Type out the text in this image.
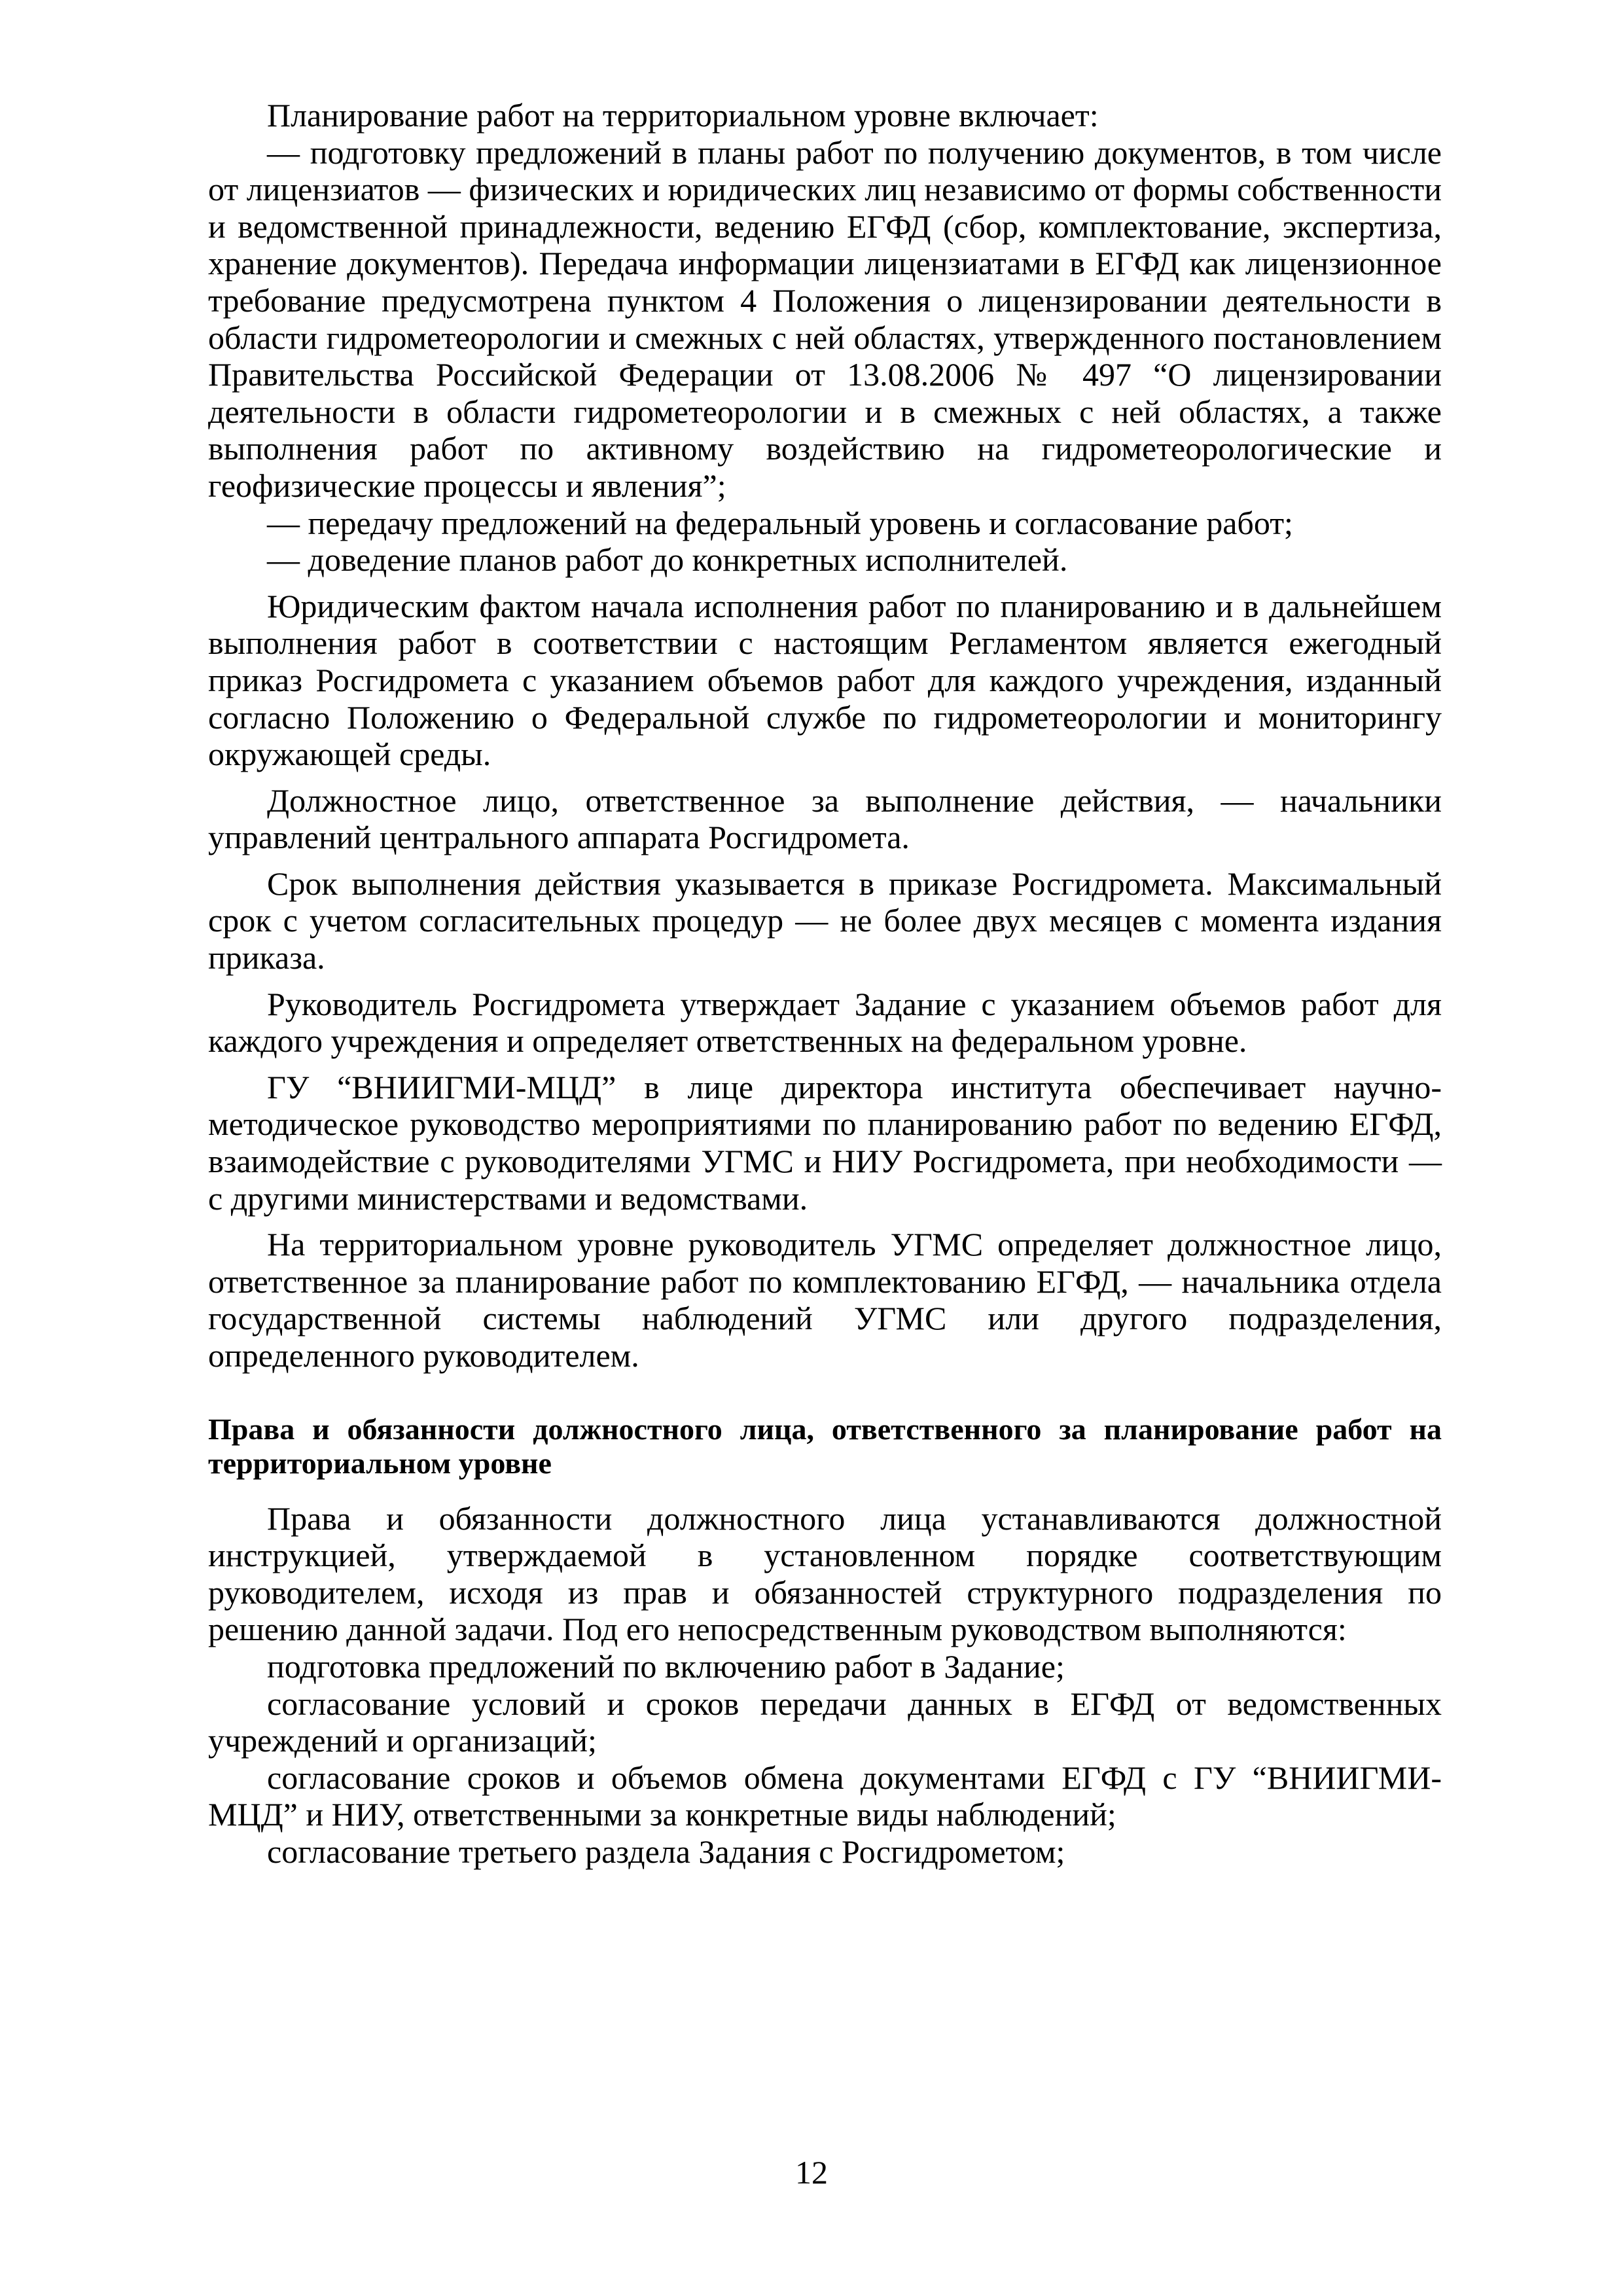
Планирование работ на территориальном уровне включает:

— подготовку предложений в планы работ по получению документов, в том числе от лицензиатов — физических и юридических лиц независимо от формы собственности и ведомственной принадлежности, ведению ЕГФД (сбор, комплектование, экспертиза, хранение документов). Передача информации лицензиатами в ЕГФД как лицензионное требование предусмотрена пунктом 4 Положения о лицензировании деятельности в области гидрометеорологии и смежных с ней областях, утвержденного постановлением Правительства Российской Федерации от 13.08.2006 № 497 “О лицензировании деятельности в области гидрометеорологии и в смежных с ней областях, а также выполнения работ по активному воздействию на гидрометеорологические и геофизические процессы и явления”;

— передачу предложений на федеральный уровень и согласование работ;

— доведение планов работ до конкретных исполнителей.

Юридическим фактом начала исполнения работ по планированию и в дальнейшем выполнения работ в соответствии с настоящим Регламентом является ежегодный приказ Росгидромета с указанием объемов работ для каждого учреждения, изданный согласно Положению о Федеральной службе по гидрометеорологии и мониторингу окружающей среды.

Должностное лицо, ответственное за выполнение действия, — начальники управлений центрального аппарата Росгидромета.

Срок выполнения действия указывается в приказе Росгидромета. Максимальный срок с учетом согласительных процедур — не более двух месяцев с момента издания приказа.

Руководитель Росгидромета утверждает Задание с указанием объемов работ для каждого учреждения и определяет ответственных на федеральном уровне.

ГУ “ВНИИГМИ-МЦД” в лице директора института обеспечивает научно-методическое руководство мероприятиями по планированию работ по ведению ЕГФД, взаимодействие с руководителями УГМС и НИУ Росгидромета, при необходимости — с другими министерствами и ведомствами.

На территориальном уровне руководитель УГМС определяет должностное лицо, ответственное за планирование работ по комплектованию ЕГФД, — начальника отдела государственной системы наблюдений УГМС или другого подразделения, определенного руководителем.

Права и обязанности должностного лица, ответственного за планирование работ на территориальном уровне

Права и обязанности должностного лица устанавливаются должностной инструкцией, утверждаемой в установленном порядке соответствующим руководителем, исходя из прав и обязанностей структурного подразделения по решению данной задачи. Под его непосредственным руководством выполняются:

подготовка предложений по включению работ в Задание;

согласование условий и сроков передачи данных в ЕГФД от ведомственных учреждений и организаций;

согласование сроков и объемов обмена документами ЕГФД с ГУ “ВНИИГМИ-МЦД” и НИУ, ответственными за конкретные виды наблюдений;

согласование третьего раздела Задания с Росгидрометом;

12
